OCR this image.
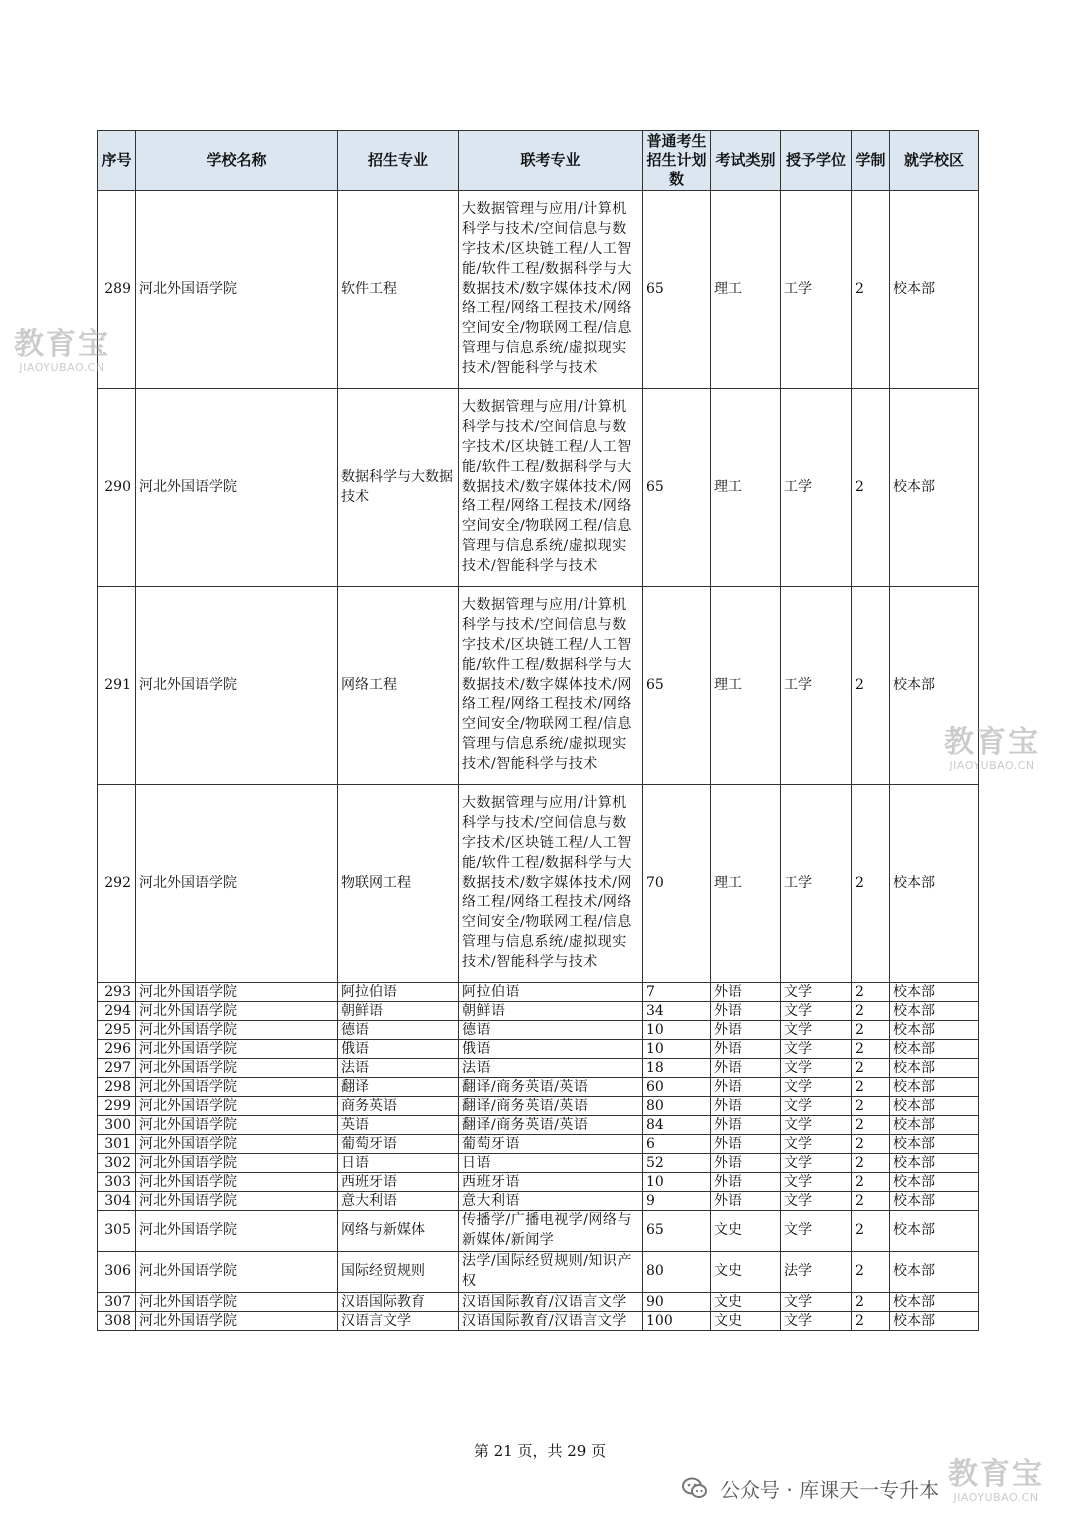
序号	学校名称	招生专业	联考专业	普通考生招生计划数	考试类别	授予学位	学制	就学校区
289	河北外国语学院	软件工程	大数据管理与应用/计算机科学与技术/空间信息与数字技术/区块链工程/人工智能/软件工程/数据科学与大数据技术/数字媒体技术/网络工程/网络工程技术/网络空间安全/物联网工程/信息管理与信息系统/虚拟现实技术/智能科学与技术	65	理工	工学	2	校本部
290	河北外国语学院	数据科学与大数据技术	大数据管理与应用/计算机科学与技术/空间信息与数字技术/区块链工程/人工智能/软件工程/数据科学与大数据技术/数字媒体技术/网络工程/网络工程技术/网络空间安全/物联网工程/信息管理与信息系统/虚拟现实技术/智能科学与技术	65	理工	工学	2	校本部
291	河北外国语学院	网络工程	大数据管理与应用/计算机科学与技术/空间信息与数字技术/区块链工程/人工智能/软件工程/数据科学与大数据技术/数字媒体技术/网络工程/网络工程技术/网络空间安全/物联网工程/信息管理与信息系统/虚拟现实技术/智能科学与技术	65	理工	工学	2	校本部
292	河北外国语学院	物联网工程	大数据管理与应用/计算机科学与技术/空间信息与数字技术/区块链工程/人工智能/软件工程/数据科学与大数据技术/数字媒体技术/网络工程/网络工程技术/网络空间安全/物联网工程/信息管理与信息系统/虚拟现实技术/智能科学与技术	70	理工	工学	2	校本部
293	河北外国语学院	阿拉伯语	阿拉伯语	7	外语	文学	2	校本部
294	河北外国语学院	朝鲜语	朝鲜语	34	外语	文学	2	校本部
295	河北外国语学院	德语	德语	10	外语	文学	2	校本部
296	河北外国语学院	俄语	俄语	10	外语	文学	2	校本部
297	河北外国语学院	法语	法语	18	外语	文学	2	校本部
298	河北外国语学院	翻译	翻译/商务英语/英语	60	外语	文学	2	校本部
299	河北外国语学院	商务英语	翻译/商务英语/英语	80	外语	文学	2	校本部
300	河北外国语学院	英语	翻译/商务英语/英语	84	外语	文学	2	校本部
301	河北外国语学院	葡萄牙语	葡萄牙语	6	外语	文学	2	校本部
302	河北外国语学院	日语	日语	52	外语	文学	2	校本部
303	河北外国语学院	西班牙语	西班牙语	10	外语	文学	2	校本部
304	河北外国语学院	意大利语	意大利语	9	外语	文学	2	校本部
305	河北外国语学院	网络与新媒体	传播学/广播电视学/网络与新媒体/新闻学	65	文史	文学	2	校本部
306	河北外国语学院	国际经贸规则	法学/国际经贸规则/知识产权	80	文史	法学	2	校本部
307	河北外国语学院	汉语国际教育	汉语国际教育/汉语言文学	90	文史	文学	2	校本部
308	河北外国语学院	汉语言文学	汉语国际教育/汉语言文学	100	文史	文学	2	校本部
教育宝
JIAOYUBAO.CN
教育宝
JIAOYUBAO.CN
第 21 页，共 29 页
公众号 · 库课天一专升本 教育宝
JIAOYUBAO.CN
